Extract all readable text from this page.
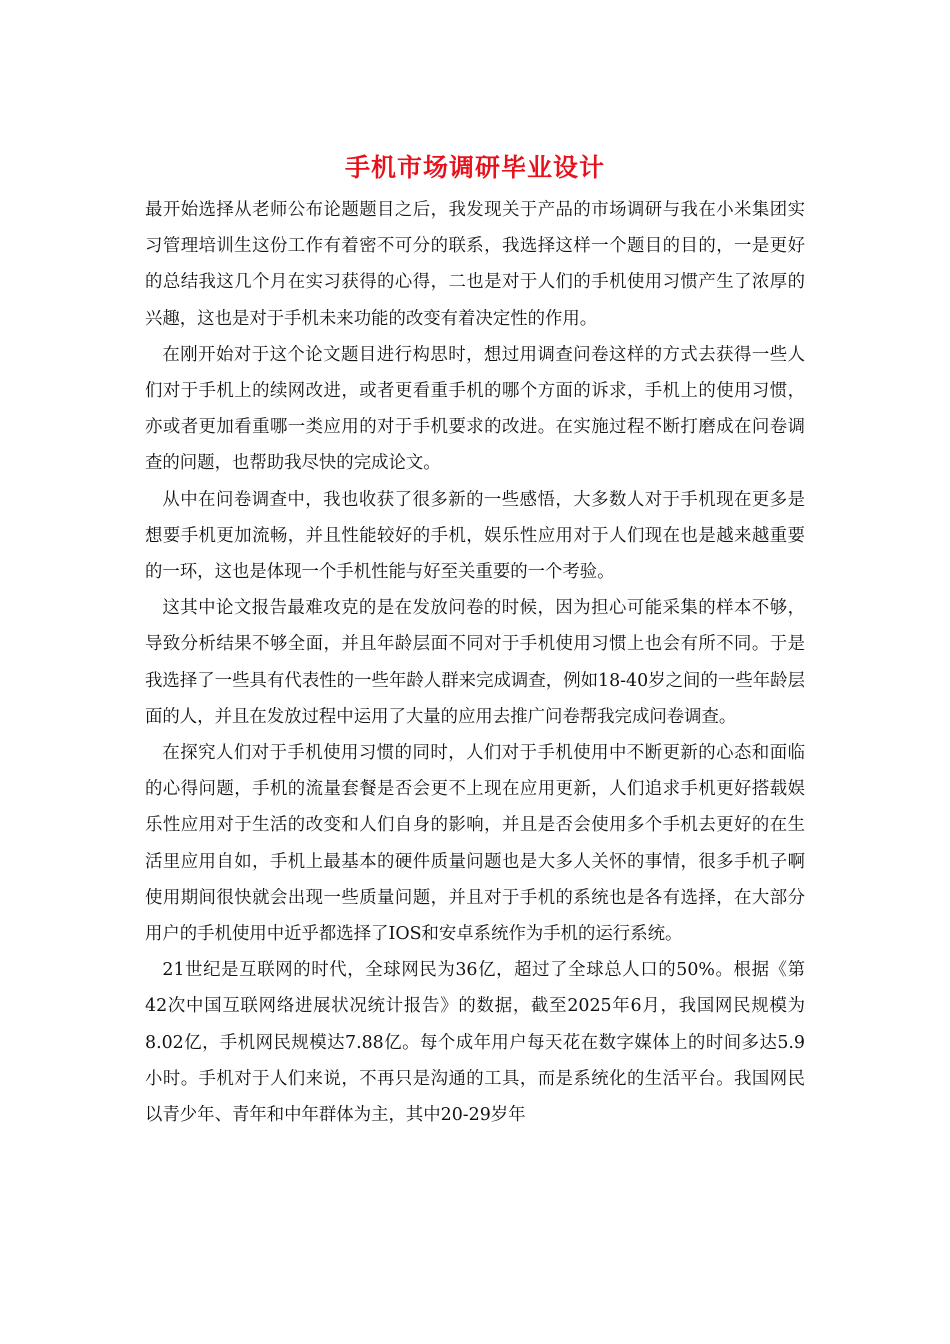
手机市场调研毕业设计

最开始选择从老师公布论题题目之后，我发现关于产品的市场调研与我在小米集团实习管理培训生这份工作有着密不可分的联系，我选择这样一个题目的目的，一是更好的总结我这几个月在实习获得的心得，二也是对于人们的手机使用习惯产生了浓厚的兴趣，这也是对于手机未来功能的改变有着决定性的作用。

在刚开始对于这个论文题目进行构思时，想过用调查问卷这样的方式去获得一些人们对于手机上的续网改进，或者更看重手机的哪个方面的诉求，手机上的使用习惯，亦或者更加看重哪一类应用的对于手机要求的改进。在实施过程不断打磨成在问卷调查的问题，也帮助我尽快的完成论文。

从中在问卷调查中，我也收获了很多新的一些感悟，大多数人对于手机现在更多是想要手机更加流畅，并且性能较好的手机，娱乐性应用对于人们现在也是越来越重要的一环，这也是体现一个手机性能与好至关重要的一个考验。

这其中论文报告最难攻克的是在发放问卷的时候，因为担心可能采集的样本不够，导致分析结果不够全面，并且年龄层面不同对于手机使用习惯上也会有所不同。于是我选择了一些具有代表性的一些年龄人群来完成调查，例如18-40岁之间的一些年龄层面的人，并且在发放过程中运用了大量的应用去推广问卷帮我完成问卷调查。

在探究人们对于手机使用习惯的同时，人们对于手机使用中不断更新的心态和面临的心得问题，手机的流量套餐是否会更不上现在应用更新，人们追求手机更好搭载娱乐性应用对于生活的改变和人们自身的影响，并且是否会使用多个手机去更好的在生活里应用自如，手机上最基本的硬件质量问题也是大多人关怀的事情，很多手机子啊使用期间很快就会出现一些质量问题，并且对于手机的系统也是各有选择，在大部分用户的手机使用中近乎都选择了IOS和安卓系统作为手机的运行系统。

21世纪是互联网的时代，全球网民为36亿，超过了全球总人口的50%。根据《第42次中国互联网络进展状况统计报告》的数据，截至2025年6月，我国网民规模为8.02亿，手机网民规模达7.88亿。每个成年用户每天花在数字媒体上的时间多达5.9小时。手机对于人们来说，不再只是沟通的工具，而是系统化的生活平台。我国网民以青少年、青年和中年群体为主，其中20-29岁年
